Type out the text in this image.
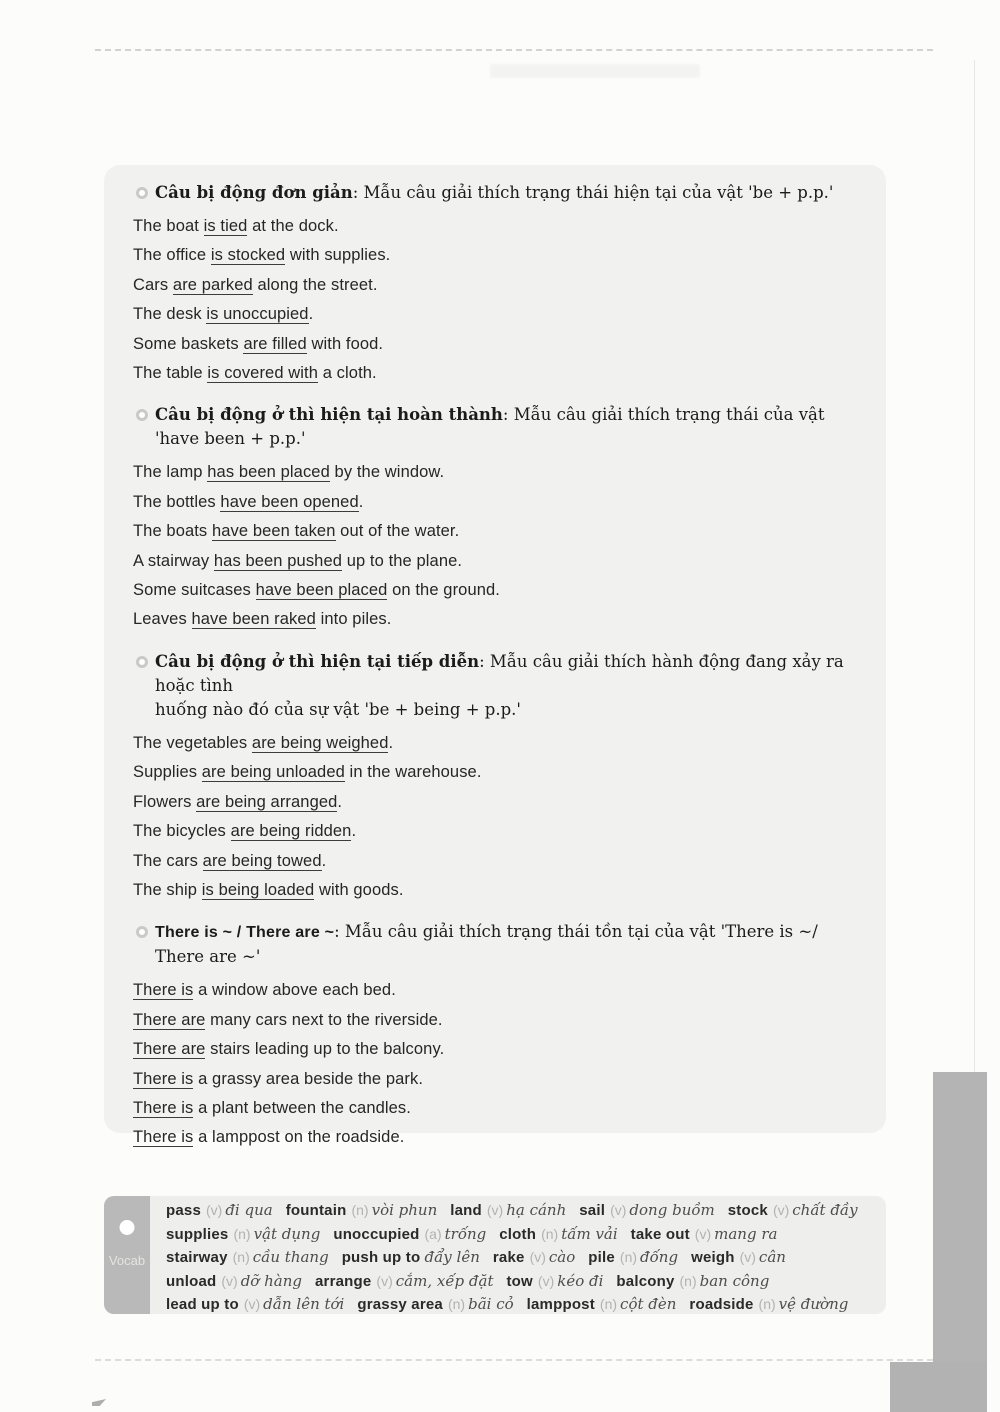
Câu bị động đơn giản: Mẫu câu giải thích trạng thái hiện tại của vật 'be + p.p.'
The boat is tied at the dock.
The office is stocked with supplies.
Cars are parked along the street.
The desk is unoccupied.
Some baskets are filled with food.
The table is covered with a cloth.
Câu bị động ở thì hiện tại hoàn thành: Mẫu câu giải thích trạng thái của vật
'have been + p.p.'
The lamp has been placed by the window.
The bottles have been opened.
The boats have been taken out of the water.
A stairway has been pushed up to the plane.
Some suitcases have been placed on the ground.
Leaves have been raked into piles.
Câu bị động ở thì hiện tại tiếp diễn: Mẫu câu giải thích hành động đang xảy ra hoặc tình
huống nào đó của sự vật 'be + being + p.p.'
The vegetables are being weighed.
Supplies are being unloaded in the warehouse.
Flowers are being arranged.
The bicycles are being ridden.
The cars are being towed.
The ship is being loaded with goods.
There is ~ / There are ~: Mẫu câu giải thích trạng thái tồn tại của vật 'There is ~/
There are ~'
There is a window above each bed.
There are many cars next to the riverside.
There are stairs leading up to the balcony.
There is a grassy area beside the park.
There is a plant between the candles.
There is a lamppost on the roadside.
Vocab
pass (v) đi qua fountain (n) vòi phun land (v) hạ cánh sail (v) dong buồm stock (v) chất đầy
supplies (n) vật dụng unoccupied (a) trống cloth (n) tấm vải take out (v) mang ra
stairway (n) cầu thang push up to đẩy lên rake (v) cào pile (n) đống weigh (v) cân
unload (v) dỡ hàng arrange (v) cắm, xếp đặt tow (v) kéo đi balcony (n) ban công
lead up to (v) dẫn lên tới grassy area (n) bãi cỏ lamppost (n) cột đèn roadside (n) vệ đường
